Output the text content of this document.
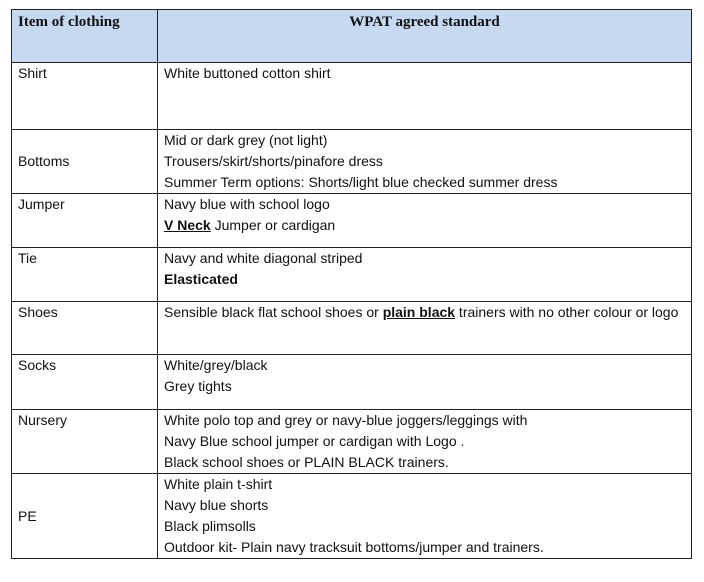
Item of clothing	WPAT agreed standard
Shirt	White buttoned cotton shirt

Bottoms	Mid or dark grey (not light)
Trousers/skirt/shorts/pinafore dress
Summer Term options: Shorts/light blue checked summer dress

Jumper	Navy blue with school logo
V Neck Jumper or cardigan

Tie	Navy and white diagonal striped
Elasticated

Shoes	Sensible black flat school shoes or plain black trainers with no other colour or logo

Socks	White/grey/black
Grey tights

Nursery	White polo top and grey or navy-blue joggers/leggings with
Navy Blue school jumper or cardigan with Logo .
Black school shoes or PLAIN BLACK trainers.

PE	White plain t-shirt
Navy blue shorts
Black plimsolls
Outdoor kit- Plain navy tracksuit bottoms/jumper and trainers.
